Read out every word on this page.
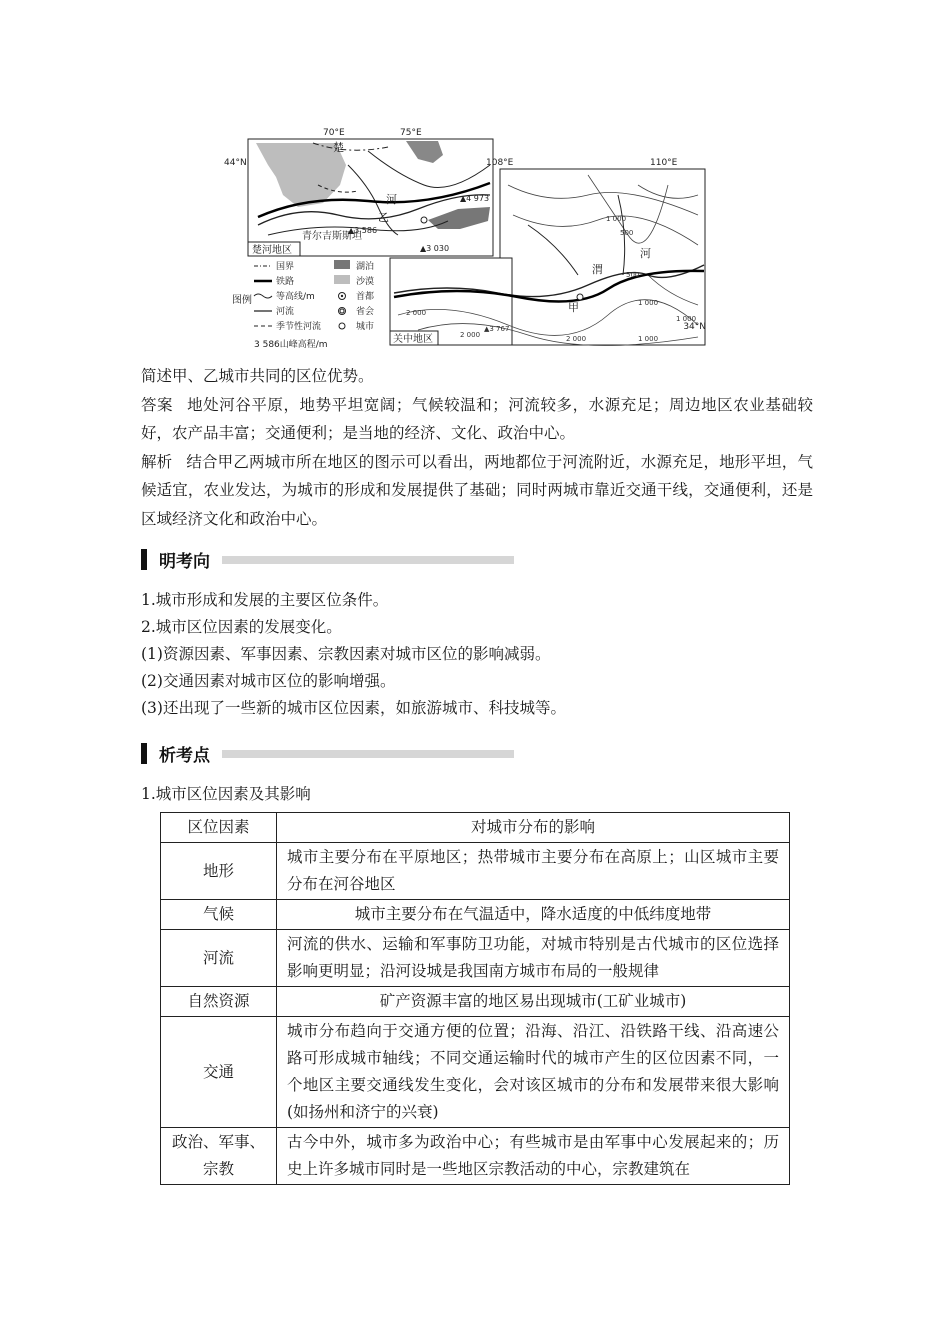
70°E	75°E
44°N
楚
河
乙
青尔吉斯斯坦
▲4 973
▲3 586
▲3 030
楚河地区
108°E	110°E
34°N
渭
河
甲
1 000
500
500
2 000
2 000
1 000
2 000	1 000
1 000
▲3 767
关中地区
图例
国界
铁路
等高线/m
河流
季节性河流
3 586山峰高程/m
湖泊
沙漠
首都
省会
城市

简述甲、乙城市共同的区位优势。

答案 地处河谷平原，地势平坦宽阔；气候较温和；河流较多，水源充足；周边地区农业基础较好，农产品丰富；交通便利；是当地的经济、文化、政治中心。

解析 结合甲乙两城市所在地区的图示可以看出，两地都位于河流附近，水源充足，地形平坦，气候适宜，农业发达，为城市的形成和发展提供了基础；同时两城市靠近交通干线，交通便利，还是区域经济文化和政治中心。

明考向
1.城市形成和发展的主要区位条件。
2.城市区位因素的发展变化。
(1)资源因素、军事因素、宗教因素对城市区位的影响减弱。
(2)交通因素对城市区位的影响增强。
(3)还出现了一些新的城市区位因素，如旅游城市、科技城等。
析考点
1.城市区位因素及其影响
区位因素	对城市分布的影响
地形	城市主要分布在平原地区；热带城市主要分布在高原上；山区城市主要分布在河谷地区
气候	城市主要分布在气温适中，降水适度的中低纬度地带
河流	河流的供水、运输和军事防卫功能，对城市特别是古代城市的区位选择影响更明显；沿河设城是我国南方城市布局的一般规律
自然资源	矿产资源丰富的地区易出现城市(工矿业城市)
交通	城市分布趋向于交通方便的位置；沿海、沿江、沿铁路干线、沿高速公路可形成城市轴线；不同交通运输时代的城市产生的区位因素不同，一个地区主要交通线发生变化，会对该区城市的分布和发展带来很大影响(如扬州和济宁的兴衰)
政治、军事、宗教	古今中外，城市多为政治中心；有些城市是由军事中心发展起来的；历史上许多城市同时是一些地区宗教活动的中心，宗教建筑在
